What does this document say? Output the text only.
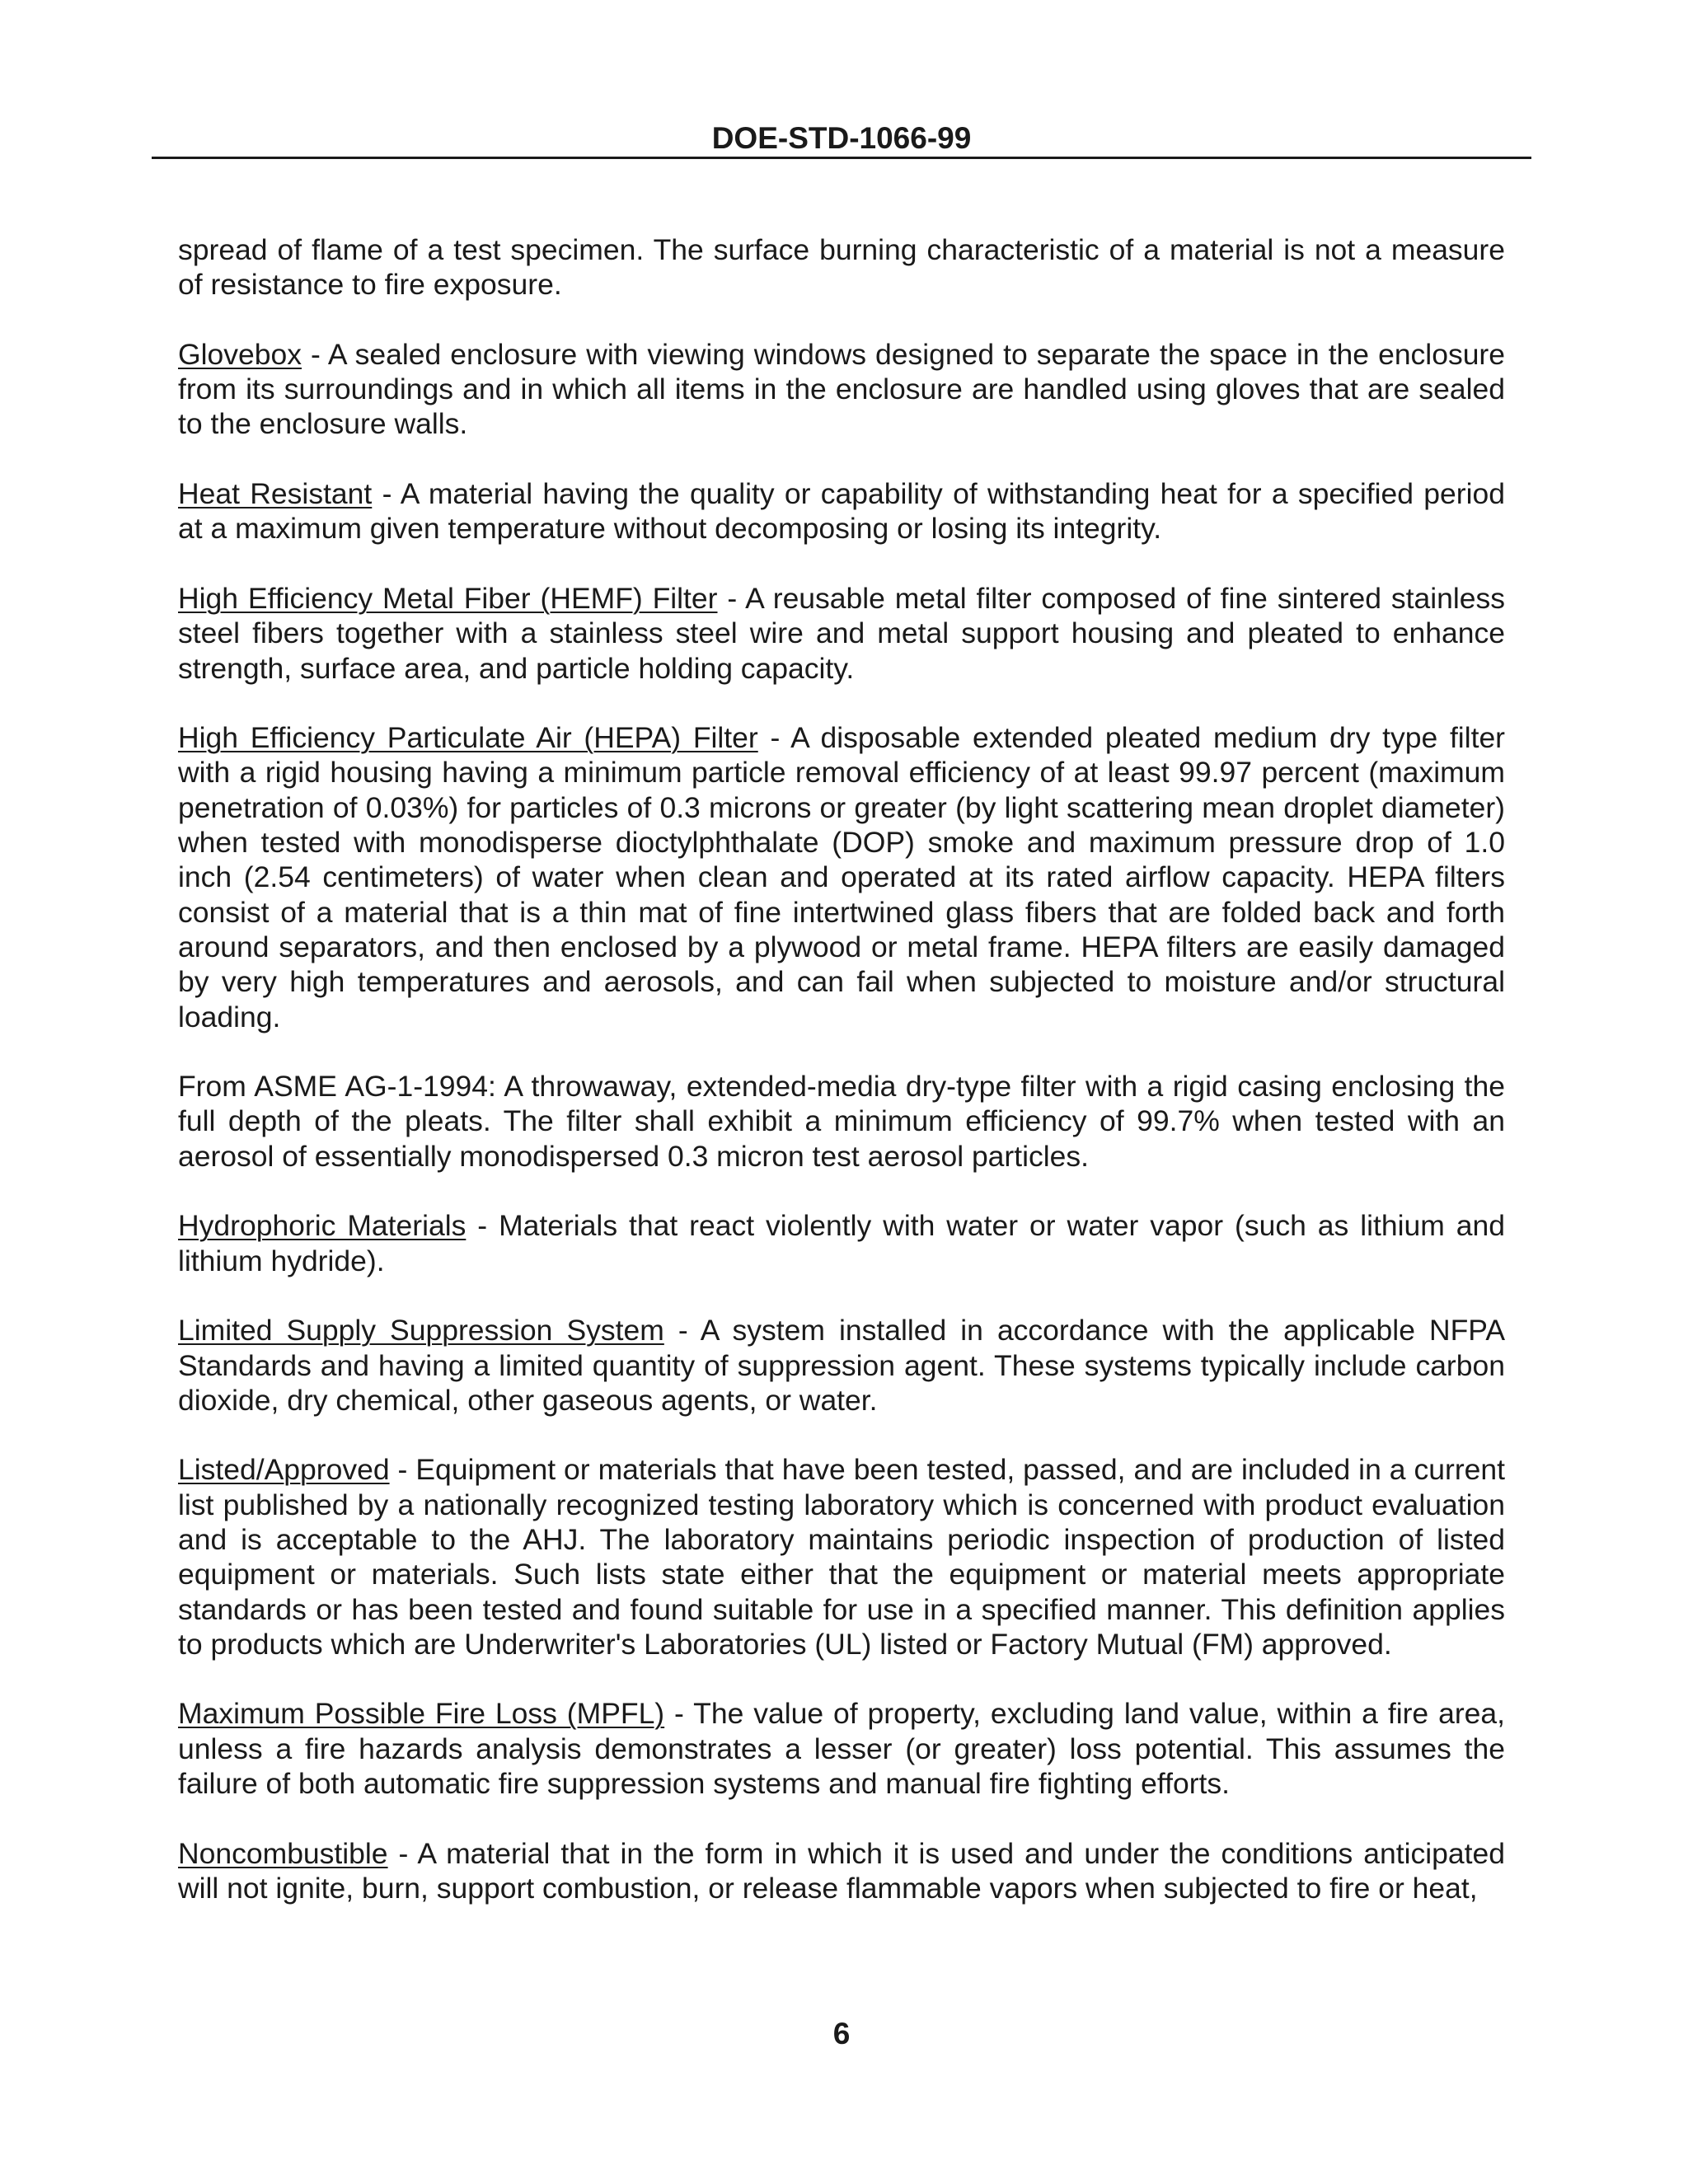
DOE-STD-1066-99

spread of flame of a test specimen. The surface burning characteristic of a material is not a measure of resistance to fire exposure.

Glovebox - A sealed enclosure with viewing windows designed to separate the space in the enclosure from its surroundings and in which all items in the enclosure are handled using gloves that are sealed to the enclosure walls.

Heat Resistant - A material having the quality or capability of withstanding heat for a specified period at a maximum given temperature without decomposing or losing its integrity.

High Efficiency Metal Fiber (HEMF) Filter - A reusable metal filter composed of fine sintered stainless steel fibers together with a stainless steel wire and metal support housing and pleated to enhance strength, surface area, and particle holding capacity.

High Efficiency Particulate Air (HEPA) Filter - A disposable extended pleated medium dry type filter with a rigid housing having a minimum particle removal efficiency of at least 99.97 percent (maximum penetration of 0.03%) for particles of 0.3 microns or greater (by light scattering mean droplet diameter) when tested with monodisperse dioctylphthalate (DOP) smoke and maximum pressure drop of 1.0 inch (2.54 centimeters) of water when clean and operated at its rated airflow capacity. HEPA filters consist of a material that is a thin mat of fine intertwined glass fibers that are folded back and forth around separators, and then enclosed by a plywood or metal frame. HEPA filters are easily damaged by very high temperatures and aerosols, and can fail when subjected to moisture and/or structural loading.

From ASME AG-1-1994: A throwaway, extended-media dry-type filter with a rigid casing enclosing the full depth of the pleats. The filter shall exhibit a minimum efficiency of 99.7% when tested with an aerosol of essentially monodispersed 0.3 micron test aerosol particles.

Hydrophoric Materials - Materials that react violently with water or water vapor (such as lithium and lithium hydride).

Limited Supply Suppression System - A system installed in accordance with the applicable NFPA Standards and having a limited quantity of suppression agent. These systems typically include carbon dioxide, dry chemical, other gaseous agents, or water.

Listed/Approved - Equipment or materials that have been tested, passed, and are included in a current list published by a nationally recognized testing laboratory which is concerned with product evaluation and is acceptable to the AHJ. The laboratory maintains periodic inspection of production of listed equipment or materials. Such lists state either that the equipment or material meets appropriate standards or has been tested and found suitable for use in a specified manner. This definition applies to products which are Underwriter's Laboratories (UL) listed or Factory Mutual (FM) approved.

Maximum Possible Fire Loss (MPFL) - The value of property, excluding land value, within a fire area, unless a fire hazards analysis demonstrates a lesser (or greater) loss potential. This assumes the failure of both automatic fire suppression systems and manual fire fighting efforts.

Noncombustible - A material that in the form in which it is used and under the conditions anticipated will not ignite, burn, support combustion, or release flammable vapors when subjected to fire or heat,

6
